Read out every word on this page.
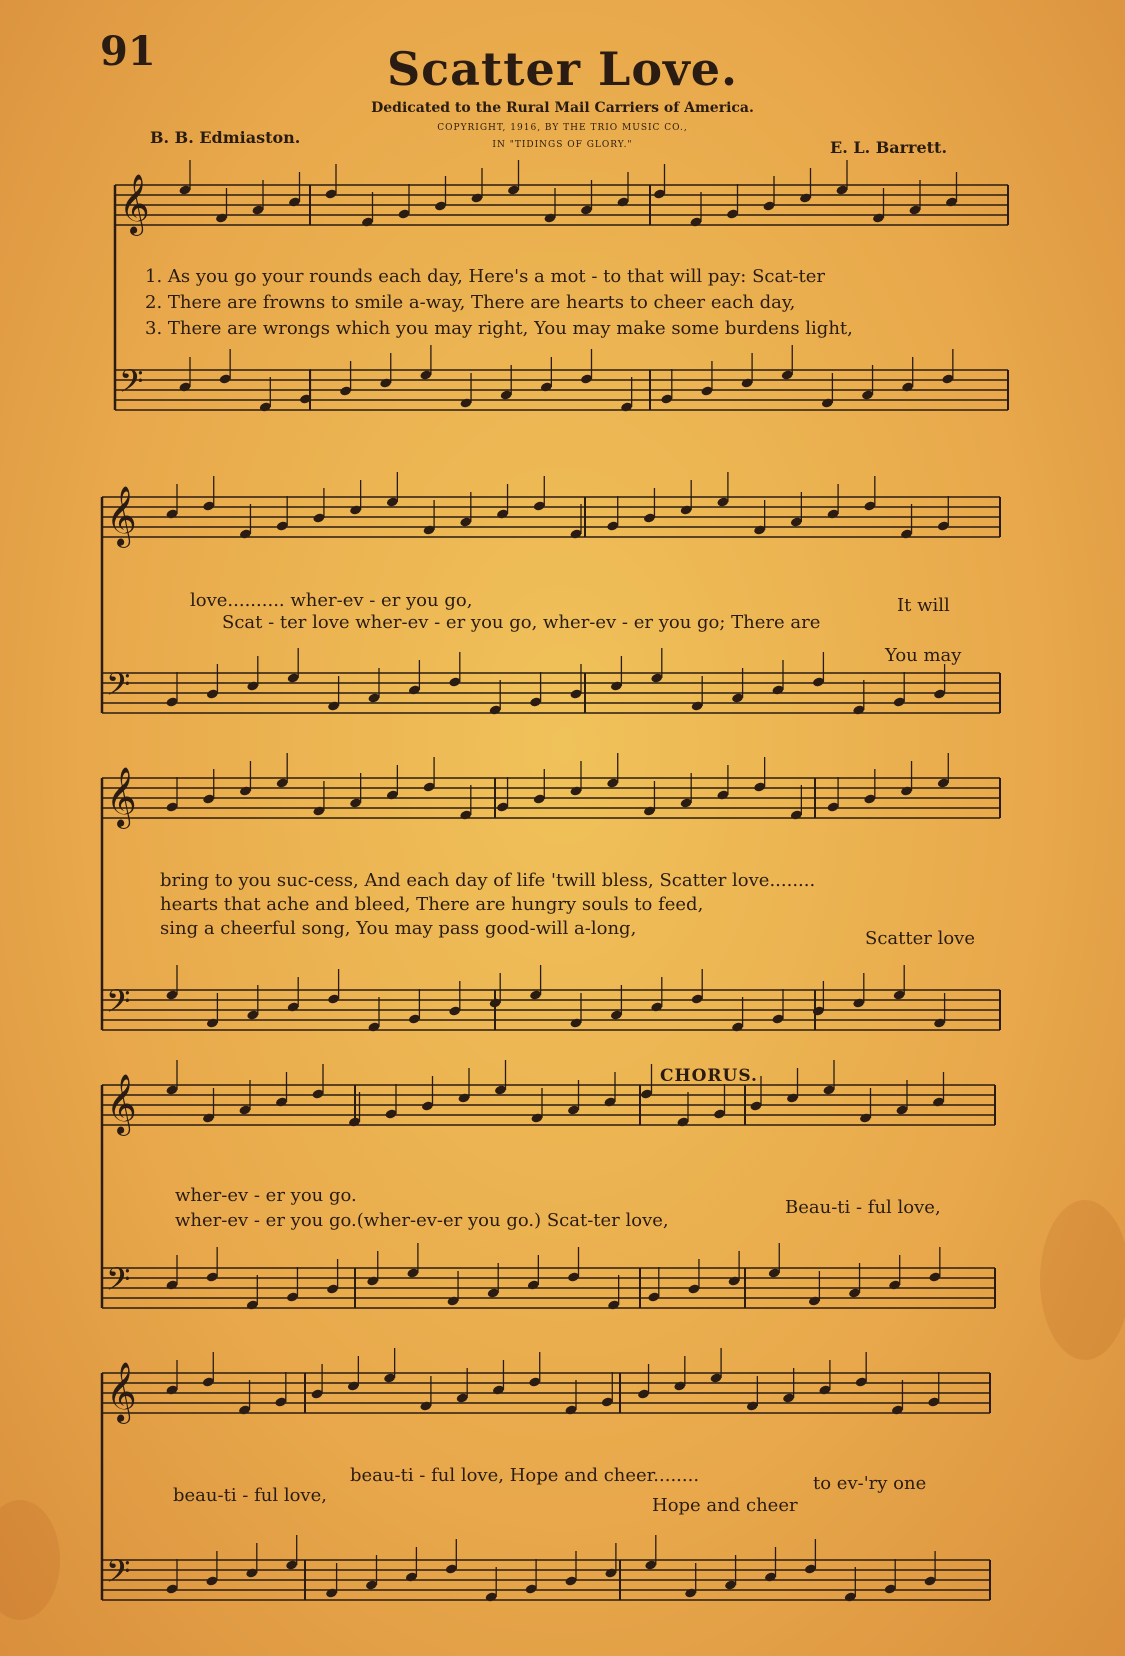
91	Scatter Love.
Dedicated to the Rural Mail Carriers of America.
COPYRIGHT, 1916, BY THE TRIO MUSIC CO.,
IN "TIDINGS OF GLORY."
B. B. Edmiaston.
E. L. Barrett.
𝄞
𝄢
𝄞
𝄢
𝄞
𝄢
𝄞
𝄢
𝄞
𝄢
1. As you go your rounds each day, Here's a mot - to that will pay: Scat-ter
2. There are frowns to smile a-way, There are hearts to cheer each day,
3. There are wrongs which you may right, You may make some burdens light,
love.......... wher-ev - er you go,	It will
Scat - ter love wher-ev - er you go, wher-ev - er you go; There are
You may
bring to you suc-cess, And each day of life 'twill bless, Scatter love........
hearts that ache and bleed, There are hungry souls to feed,
sing a cheerful song, You may pass good-will a-long,	Scatter love
CHORUS.
wher-ev - er you go.
Beau-ti - ful love,
wher-ev - er you go.(wher-ev-er you go.) Scat-ter love,
beau-ti - ful love, Hope and cheer........	to ev-'ry one
beau-ti - ful love,	Hope and cheer
